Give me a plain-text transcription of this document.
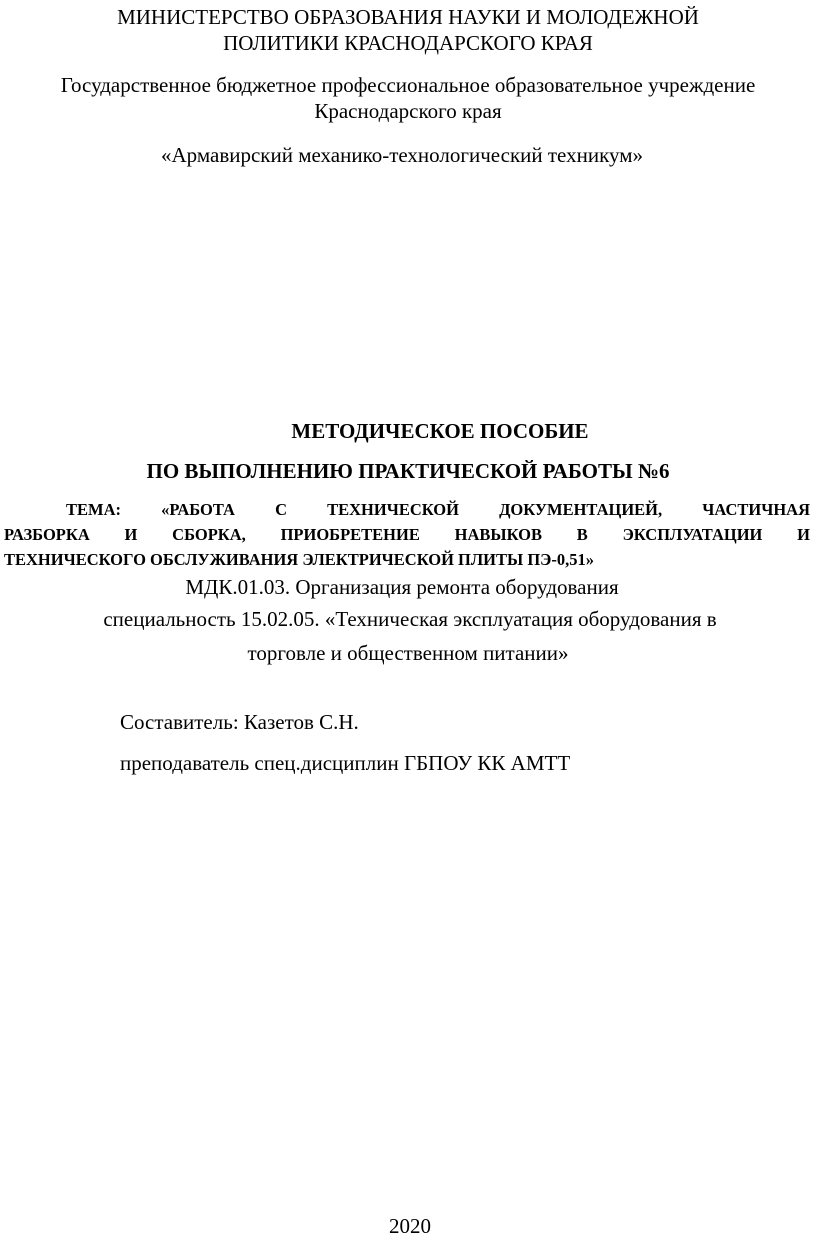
МИНИСТЕРСТВО ОБРАЗОВАНИЯ НАУКИ И МОЛОДЕЖНОЙ
ПОЛИТИКИ КРАСНОДАРСКОГО КРАЯ
Государственное бюджетное профессиональное образовательное учреждение
Краснодарского края
«Армавирский механико-технологический техникум»
МЕТОДИЧЕСКОЕ ПОСОБИЕ
ПО ВЫПОЛНЕНИЮ ПРАКТИЧЕСКОЙ РАБОТЫ №6
ТЕМА: «РАБОТА С ТЕХНИЧЕСКОЙ ДОКУМЕНТАЦИЕЙ, ЧАСТИЧНАЯ
РАЗБОРКА И СБОРКА, ПРИОБРЕТЕНИЕ НАВЫКОВ В ЭКСПЛУАТАЦИИ И
ТЕХНИЧЕСКОГО ОБСЛУЖИВАНИЯ ЭЛЕКТРИЧЕСКОЙ ПЛИТЫ ПЭ-0,51»
МДК.01.03. Организация ремонта оборудования
специальность 15.02.05. «Техническая эксплуатация оборудования в
торговле и общественном питании»
Составитель: Казетов С.Н.
преподаватель спец.дисциплин ГБПОУ КК АМТТ
2020
